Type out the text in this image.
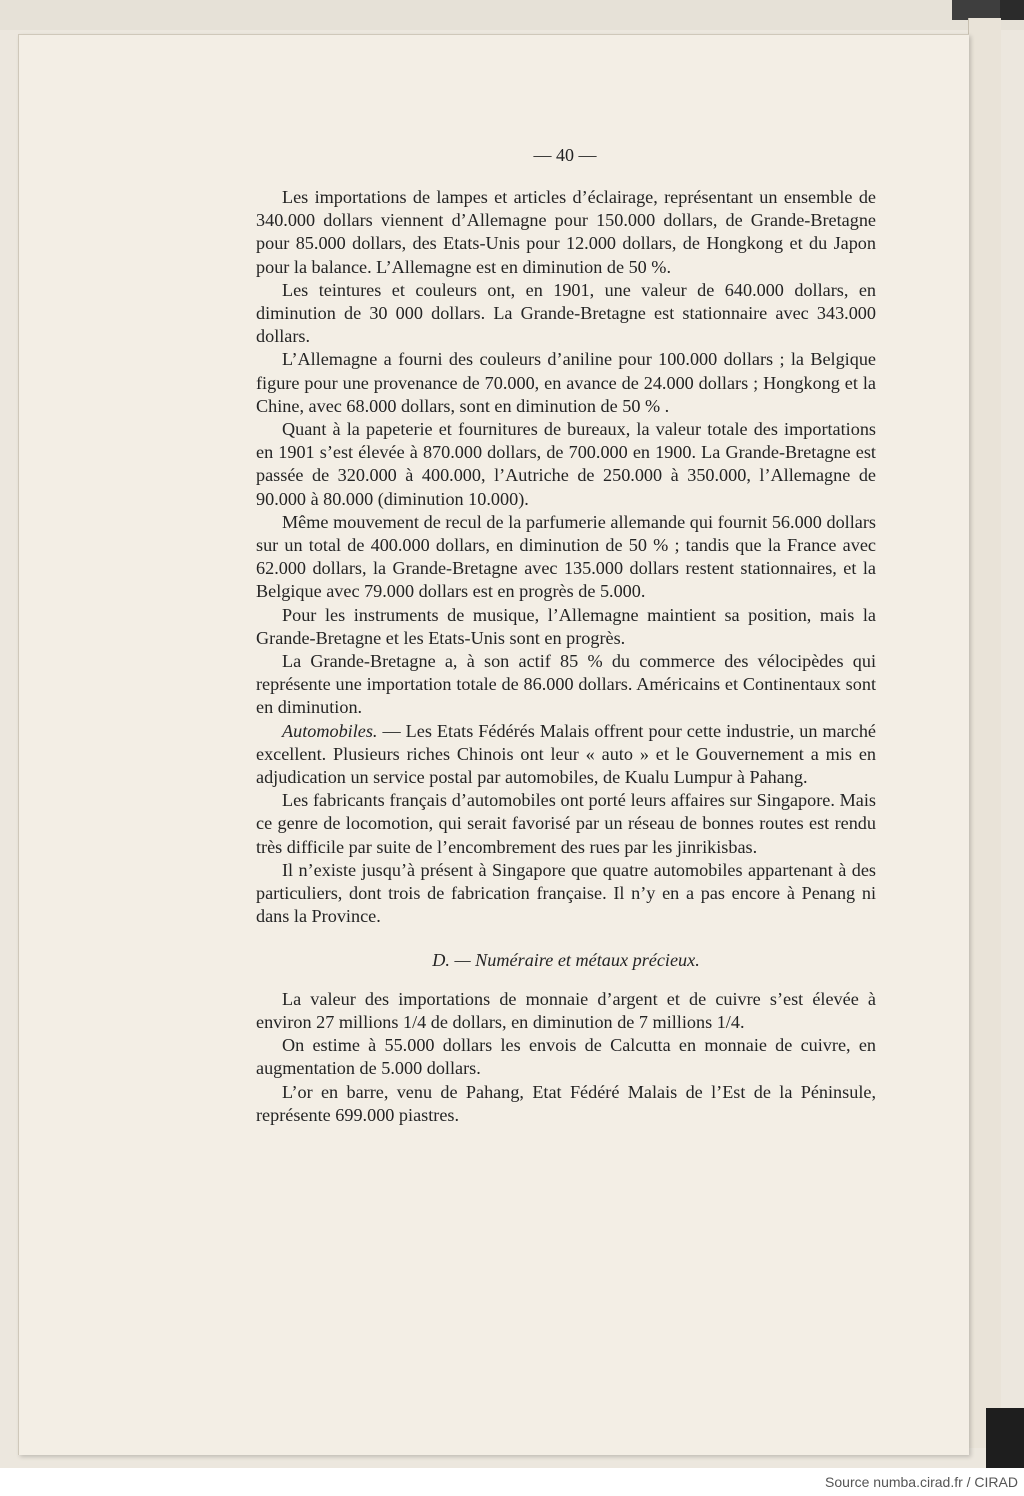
— 40 —

Les importations de lampes et articles d’éclairage, représentant un ensemble de 340.000 dollars viennent d’Allemagne pour 150.000 dollars, de Grande-Bretagne pour 85.000 dollars, des Etats-Unis pour 12.000 dollars, de Hongkong et du Japon pour la balance. L’Allemagne est en diminution de 50 %.

Les teintures et couleurs ont, en 1901, une valeur de 640.000 dollars, en diminution de 30 000 dollars. La Grande-Bretagne est stationnaire avec 343.000 dollars.

L’Allemagne a fourni des couleurs d’aniline pour 100.000 dollars ; la Belgique figure pour une provenance de 70.000, en avance de 24.000 dollars ; Hongkong et la Chine, avec 68.000 dollars, sont en diminution de 50 % .

Quant à la papeterie et fournitures de bureaux, la valeur totale des importations en 1901 s’est élevée à 870.000 dollars, de 700.000 en 1900. La Grande-Bretagne est passée de 320.000 à 400.000, l’Autriche de 250.000 à 350.000, l’Allemagne de 90.000 à 80.000 (diminution 10.000).

Même mouvement de recul de la parfumerie allemande qui fournit 56.000 dollars sur un total de 400.000 dollars, en diminution de 50 % ; tandis que la France avec 62.000 dollars, la Grande-Bretagne avec 135.000 dollars restent stationnaires, et la Belgique avec 79.000 dollars est en progrès de 5.000.

Pour les instruments de musique, l’Allemagne maintient sa position, mais la Grande-Bretagne et les Etats-Unis sont en progrès.

La Grande-Bretagne a, à son actif 85 % du commerce des vélocipèdes qui représente une importation totale de 86.000 dollars. Américains et Continentaux sont en diminution.

Automobiles. — Les Etats Fédérés Malais offrent pour cette industrie, un marché excellent. Plusieurs riches Chinois ont leur « auto » et le Gouvernement a mis en adjudication un service postal par automobiles, de Kualu Lumpur à Pahang.

Les fabricants français d’automobiles ont porté leurs affaires sur Singapore. Mais ce genre de locomotion, qui serait favorisé par un réseau de bonnes routes est rendu très difficile par suite de l’encombrement des rues par les jinrikisbas.

Il n’existe jusqu’à présent à Singapore que quatre automobiles appartenant à des particuliers, dont trois de fabrication française. Il n’y en a pas encore à Penang ni dans la Province.

D. — Numéraire et métaux précieux.

La valeur des importations de monnaie d’argent et de cuivre s’est élevée à environ 27 millions 1/4 de dollars, en diminution de 7 millions 1/4.

On estime à 55.000 dollars les envois de Calcutta en monnaie de cuivre, en augmentation de 5.000 dollars.

L’or en barre, venu de Pahang, Etat Fédéré Malais de l’Est de la Péninsule, représente 699.000 piastres.

Source numba.cirad.fr / CIRAD
